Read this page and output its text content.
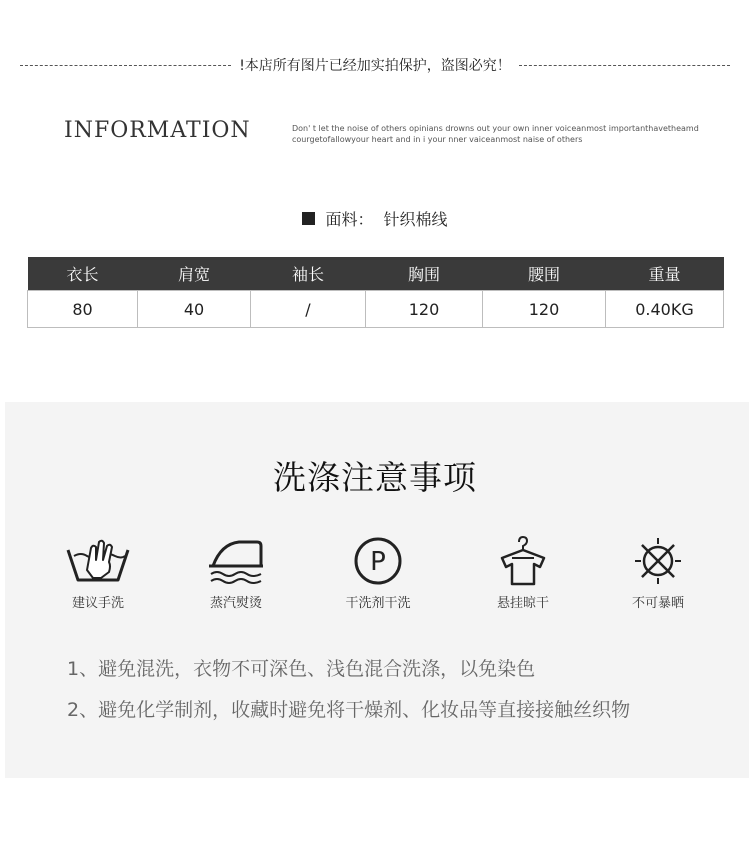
!本店所有图片已经加实拍保护，盗图必究！
INFORMATION	Don' t let the noise of others opinians drowns out your own inner voiceanmost importanthavetheamd courgetofallowyour heart and in i your nner vaiceanmost naise of others
面料： 针织棉线
衣长	肩宽	袖长	胸围	腰围	重量
80	40	/	120	120	0.40KG
洗涤注意事项
建议手洗	蒸汽熨烫
P
干洗剂干洗	悬挂晾干	不可暴晒
1、避免混洗，衣物不可深色、浅色混合洗涤，以免染色
2、避免化学制剂，收藏时避免将干燥剂、化妆品等直接接触丝织物
